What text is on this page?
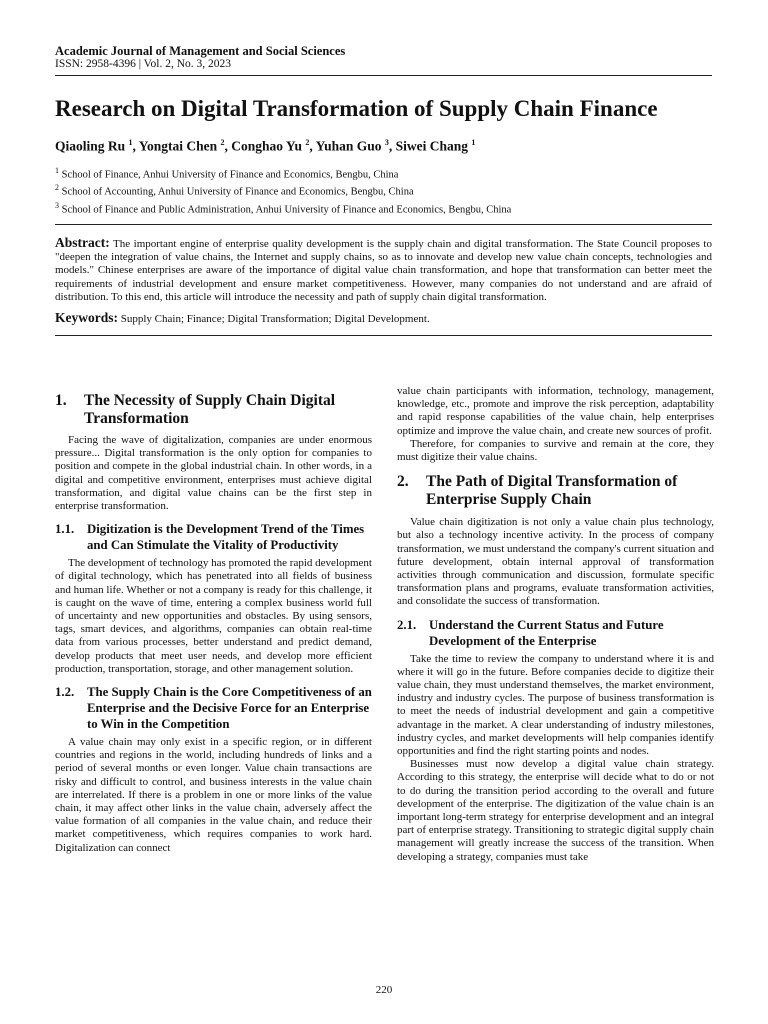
Academic Journal of Management and Social Sciences
ISSN: 2958-4396 | Vol. 2, No. 3, 2023
Research on Digital Transformation of Supply Chain Finance
Qiaoling Ru $^1$, Yongtai Chen $^2$, Conghao Yu $^2$, Yuhan Guo $^3$, Siwei Chang $^1$
$^1$ School of Finance, Anhui University of Finance and Economics, Bengbu, China
$^2$ School of Accounting, Anhui University of Finance and Economics, Bengbu, China
$^3$ School of Finance and Public Administration, Anhui University of Finance and Economics, Bengbu, China
Abstract: The important engine of enterprise quality development is the supply chain and digital transformation. The State Council proposes to "deepen the integration of value chains, the Internet and supply chains, so as to innovate and develop new value chain concepts, technologies and models." Chinese enterprises are aware of the importance of digital value chain transformation, and hope that transformation can better meet the requirements of industrial development and ensure market competitiveness. However, many companies do not understand and are afraid of distribution. To this end, this article will introduce the necessity and path of supply chain digital transformation.
Keywords: Supply Chain; Finance; Digital Transformation; Digital Development.
1.	The Necessity of Supply Chain Digital Transformation

Facing the wave of digitalization, companies are under enormous pressure... Digital transformation is the only option for companies to position and compete in the global industrial chain. In other words, in a digital and competitive environment, enterprises must achieve digital transformation, and digital value chains can be the first step in enterprise transformation.

1.1. Digitization is the Development Trend of the Times and Can Stimulate the Vitality of Productivity

The development of technology has promoted the rapid development of digital technology, which has penetrated into all fields of business and human life. Whether or not a company is ready for this challenge, it is caught on the wave of time, entering a complex business world full of uncertainty and new opportunities and obstacles. By using sensors, tags, smart devices, and algorithms, companies can obtain real-time data from various processes, better understand and predict demand, develop products that meet user needs, and develop more efficient production, transportation, storage, and other management solution.

1.2. The Supply Chain is the Core Competitiveness of an Enterprise and the Decisive Force for an Enterprise to Win in the Competition

A value chain may only exist in a specific region, or in different countries and regions in the world, including hundreds of links and a period of several months or even longer. Value chain transactions are risky and difficult to control, and business interests in the value chain are interrelated. If there is a problem in one or more links of the value chain, it may affect other links in the value chain, adversely affect the value formation of all companies in the value chain, and reduce their market competitiveness, which requires companies to work hard. Digitalization can connect

value chain participants with information, technology, management, knowledge, etc., promote and improve the risk perception, adaptability and rapid response capabilities of the value chain, help enterprises optimize and improve the value chain, and create new sources of profit.

Therefore, for companies to survive and remain at the core, they must digitize their value chains.

2.	The Path of Digital Transformation of Enterprise Supply Chain

Value chain digitization is not only a value chain plus technology, but also a technology incentive activity. In the process of company transformation, we must understand the company's current situation and future development, obtain internal approval of transformation activities through communication and discussion, formulate specific transformation plans and programs, evaluate transformation activities, and consolidate the success of transformation.

2.1. Understand the Current Status and Future Development of the Enterprise

Take the time to review the company to understand where it is and where it will go in the future. Before companies decide to digitize their value chain, they must understand themselves, the market environment, industry and industry cycles. The purpose of business transformation is to meet the needs of industrial development and gain a competitive advantage in the market. A clear understanding of industry milestones, industry cycles, and market developments will help companies identify opportunities and find the right starting points and nodes.

Businesses must now develop a digital value chain strategy. According to this strategy, the enterprise will decide what to do or not to do during the transition period according to the overall and future development of the enterprise. The digitization of the value chain is an important long-term strategy for enterprise development and an integral part of enterprise strategy. Transitioning to strategic digital supply chain management will greatly increase the success of the transition. When developing a strategy, companies must take

220
